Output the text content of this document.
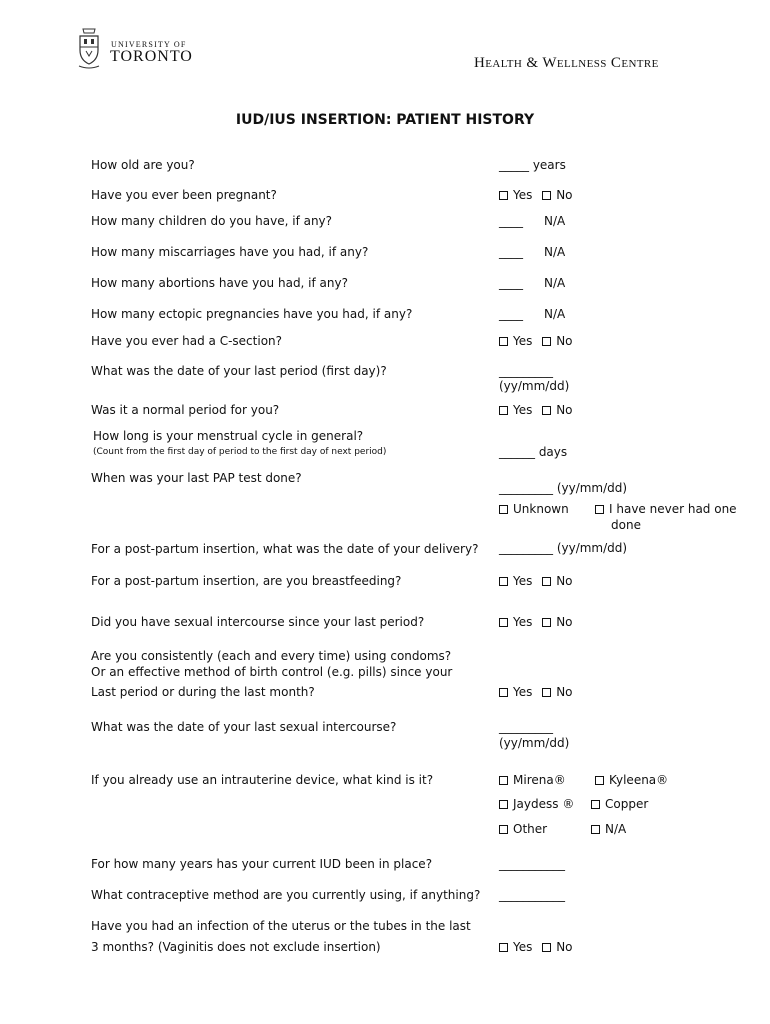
UNIVERSITY OF
TORONTO	Health & Wellness Centre
IUD/IUS INSERTION: PATIENT HISTORY
How old are you?	_____ years
Have you ever been pregnant?	Yes No
How many children do you have, if any?	____ N/A
How many miscarriages have you had, if any?	____ N/A
How many abortions have you had, if any?	____ N/A
How many ectopic pregnancies have you had, if any?	____ N/A
Have you ever had a C-section?	Yes No
What was the date of your last period (first day)?	_________
(yy/mm/dd)
Was it a normal period for you?	Yes No
How long is your menstrual cycle in general?
(Count from the first day of period to the first day of next period)	______ days
When was your last PAP test done?
_________ (yy/mm/dd)
Unknown	I have never had one
done
For a post-partum insertion, what was the date of your delivery? _________ (yy/mm/dd)
For a post-partum insertion, are you breastfeeding?	Yes No
Did you have sexual intercourse since your last period?	Yes No
Are you consistently (each and every time) using condoms?
Or an effective method of birth control (e.g. pills) since your
Last period or during the last month?	Yes No
What was the date of your last sexual intercourse?	_________
(yy/mm/dd)
If you already use an intrauterine device, what kind is it?	Mirena®	Kyleena®
Jaydess ®	Copper
Other	N/A
For how many years has your current IUD been in place?	___________
What contraceptive method are you currently using, if anything? ___________
Have you had an infection of the uterus or the tubes in the last
3 months? (Vaginitis does not exclude insertion)	Yes No
